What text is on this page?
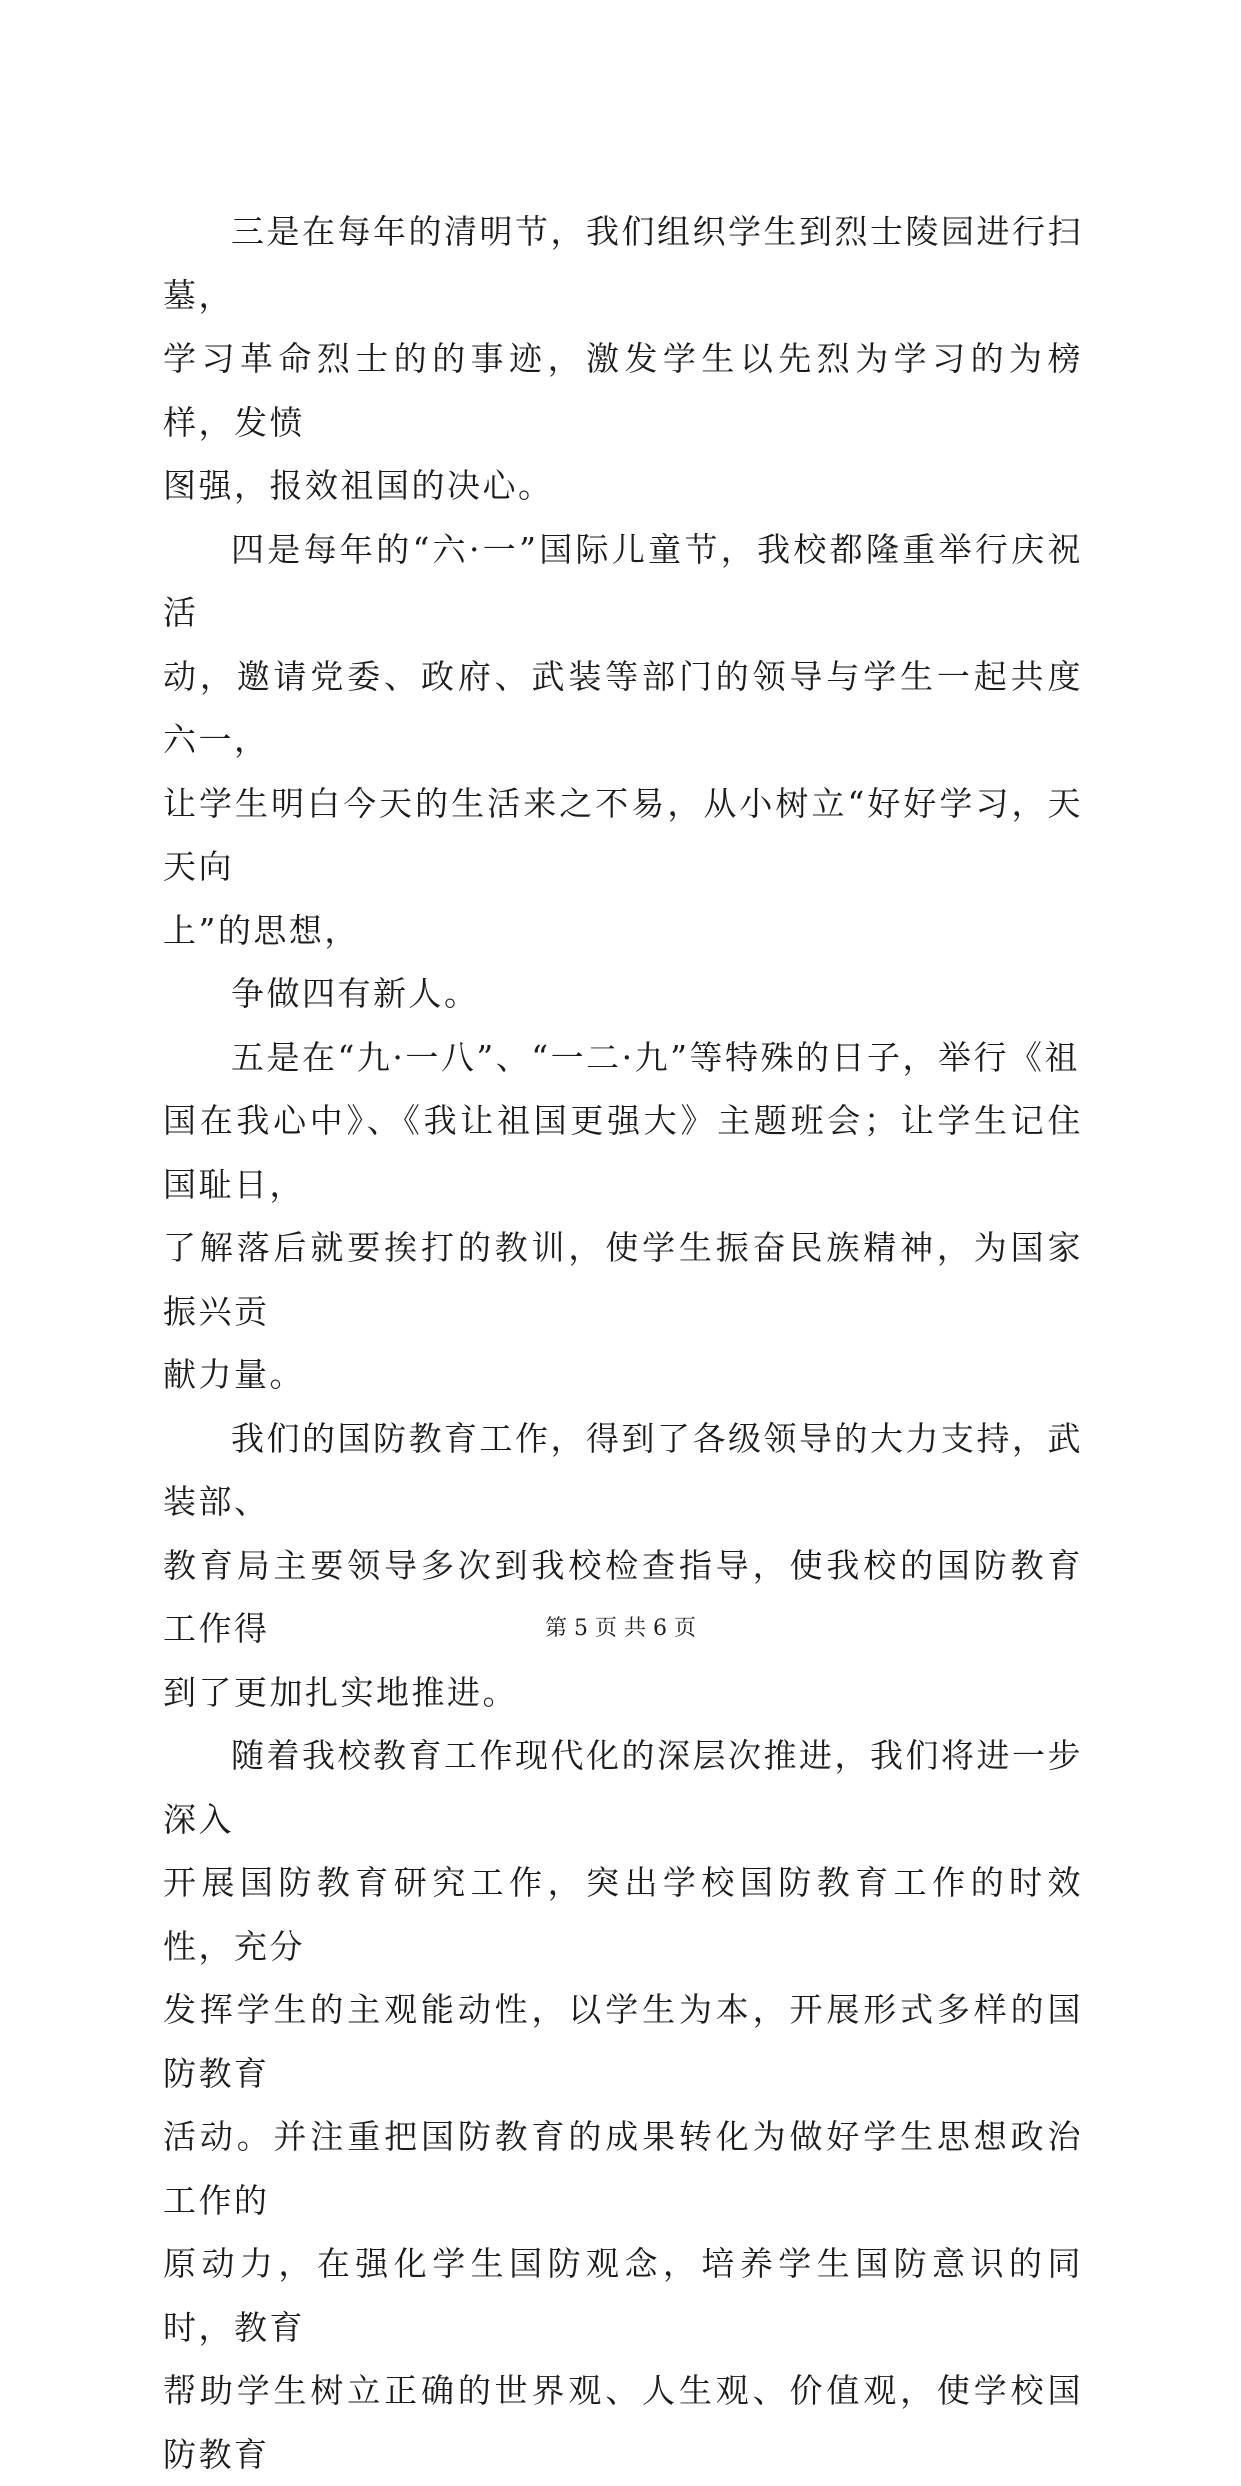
三是在每年的清明节，我们组织学生到烈士陵园进行扫墓，

学习革命烈士的的事迹，激发学生以先烈为学习的为榜样，发愤

图强，报效祖国的决心。

四是每年的“六·一”国际儿童节，我校都隆重举行庆祝活

动，邀请党委、政府、武装等部门的领导与学生一起共度六一，

让学生明白今天的生活来之不易，从小树立“好好学习，天天向

上”的思想，

争做四有新人。

五是在“九·一八”、“一二·九”等特殊的日子，举行《祖

国在我心中》、《我让祖国更强大》主题班会；让学生记住国耻日，

了解落后就要挨打的教训，使学生振奋民族精神，为国家振兴贡

献力量。

我们的国防教育工作，得到了各级领导的大力支持，武装部、

教育局主要领导多次到我校检查指导，使我校的国防教育工作得

到了更加扎实地推进。

随着我校教育工作现代化的深层次推进，我们将进一步深入

开展国防教育研究工作，突出学校国防教育工作的时效性，充分

发挥学生的主观能动性，以学生为本，开展形式多样的国防教育

活动。并注重把国防教育的成果转化为做好学生思想政治工作的

原动力，在强化学生国防观念，培养学生国防意识的同时，教育

帮助学生树立正确的世界观、人生观、价值观，使学校国防教育

第 5 页 共 6 页
